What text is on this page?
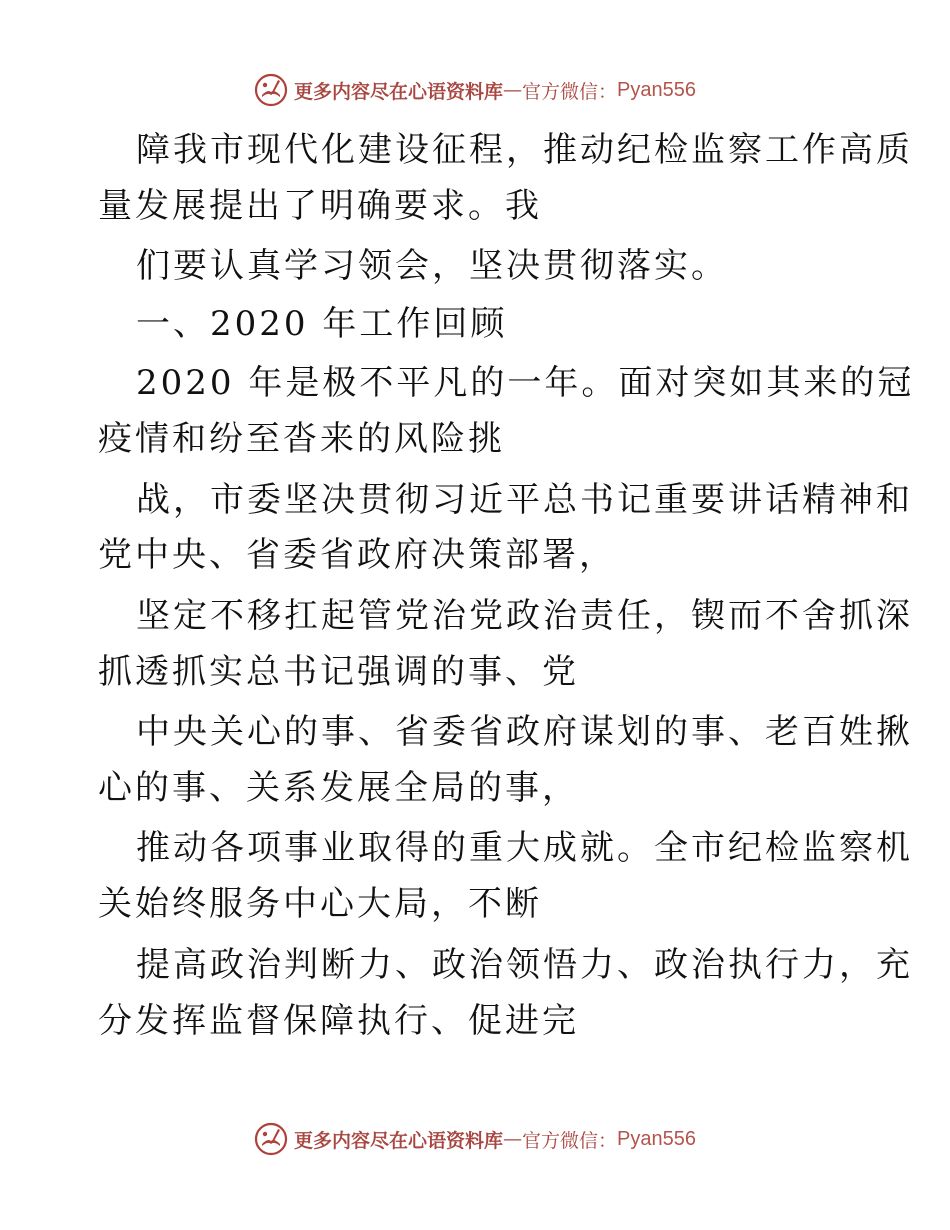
更多内容尽在心语资料库 — 官方微信： Pyan556
障我市现代化建设征程，推动纪检监察工作高质
量发展提出了明确要求。我
们要认真学习领会，坚决贯彻落实。
一、2020 年工作回顾
2020 年是极不平凡的一年。面对突如其来的冠
疫情和纷至沓来的风险挑
战，市委坚决贯彻习近平总书记重要讲话精神和
党中央、省委省政府决策部署，
坚定不移扛起管党治党政治责任，锲而不舍抓深
抓透抓实总书记强调的事、党
中央关心的事、省委省政府谋划的事、老百姓揪
心的事、关系发展全局的事，
推动各项事业取得的重大成就。全市纪检监察机
关始终服务中心大局，不断
提高政治判断力、政治领悟力、政治执行力，充
分发挥监督保障执行、促进完
更多内容尽在心语资料库 — 官方微信： Pyan556
